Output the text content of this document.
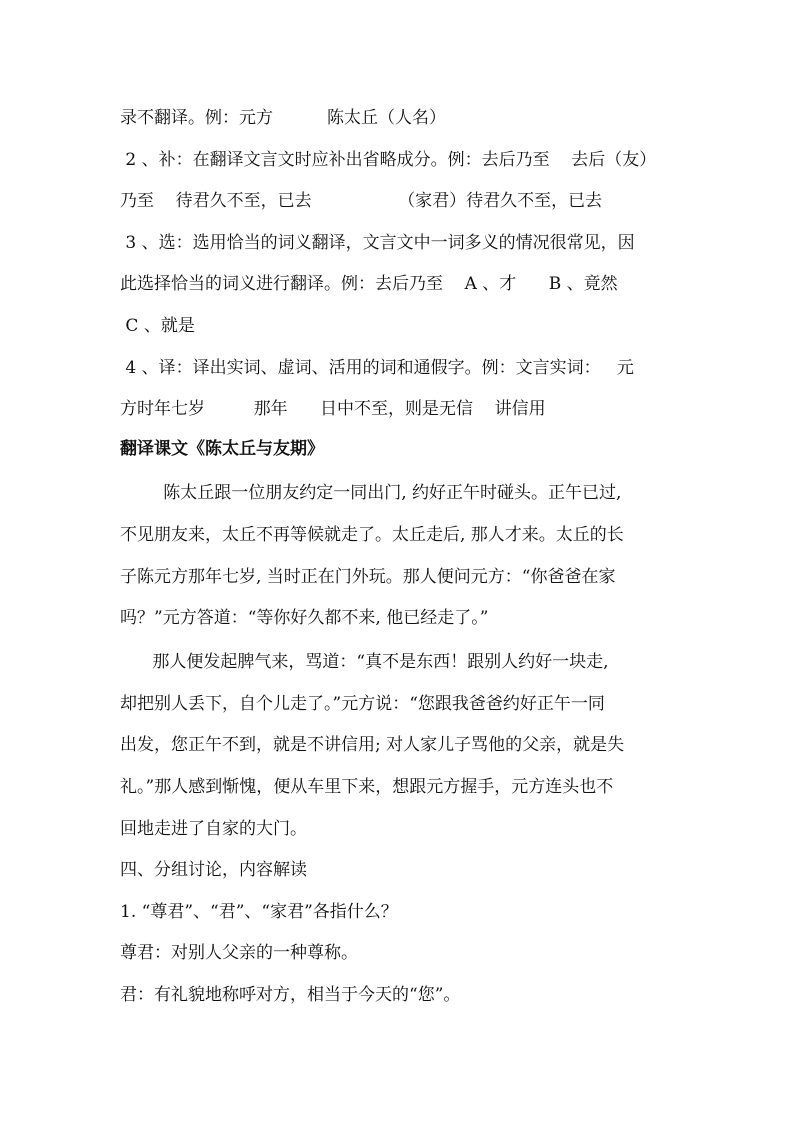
录不翻译。例：元方          陈太丘（人名）
2 、补：在翻译文言文时应补出省略成分。例：去后乃至    去后（友）
乃至    待君久不至，已去                （家君）待君久不至，已去
3 、选：选用恰当的词义翻译，文言文中一词多义的情况很常见，因
此选择恰当的词义进行翻译。例：去后乃至    A 、才      B 、竟然
C 、就是
4 、译：译出实词、虚词、活用的词和通假字。例：文言实词：   元
方时年七岁         那年      日中不至，则是无信    讲信用
翻译课文《陈太丘与友期》
陈太丘跟一位朋友约定一同出门, 约好正午时碰头。正午已过,
不见朋友来，太丘不再等候就走了。太丘走后, 那人才来。太丘的长
子陈元方那年七岁, 当时正在门外玩。那人便问元方：“你爸爸在家
吗？”元方答道：“等你好久都不来, 他已经走了。”
那人便发起脾气来，骂道：“真不是东西！跟别人约好一块走,
却把别人丢下，自个儿走了。”元方说：“您跟我爸爸约好正午一同
出发，您正午不到，就是不讲信用; 对人家儿子骂他的父亲，就是失
礼。”那人感到惭愧，便从车里下来，想跟元方握手，元方连头也不
回地走进了自家的大门。
四、分组讨论，内容解读
1. “尊君”、“君”、“家君”各指什么？
尊君：对别人父亲的一种尊称。
君：有礼貌地称呼对方，相当于今天的“您”。
